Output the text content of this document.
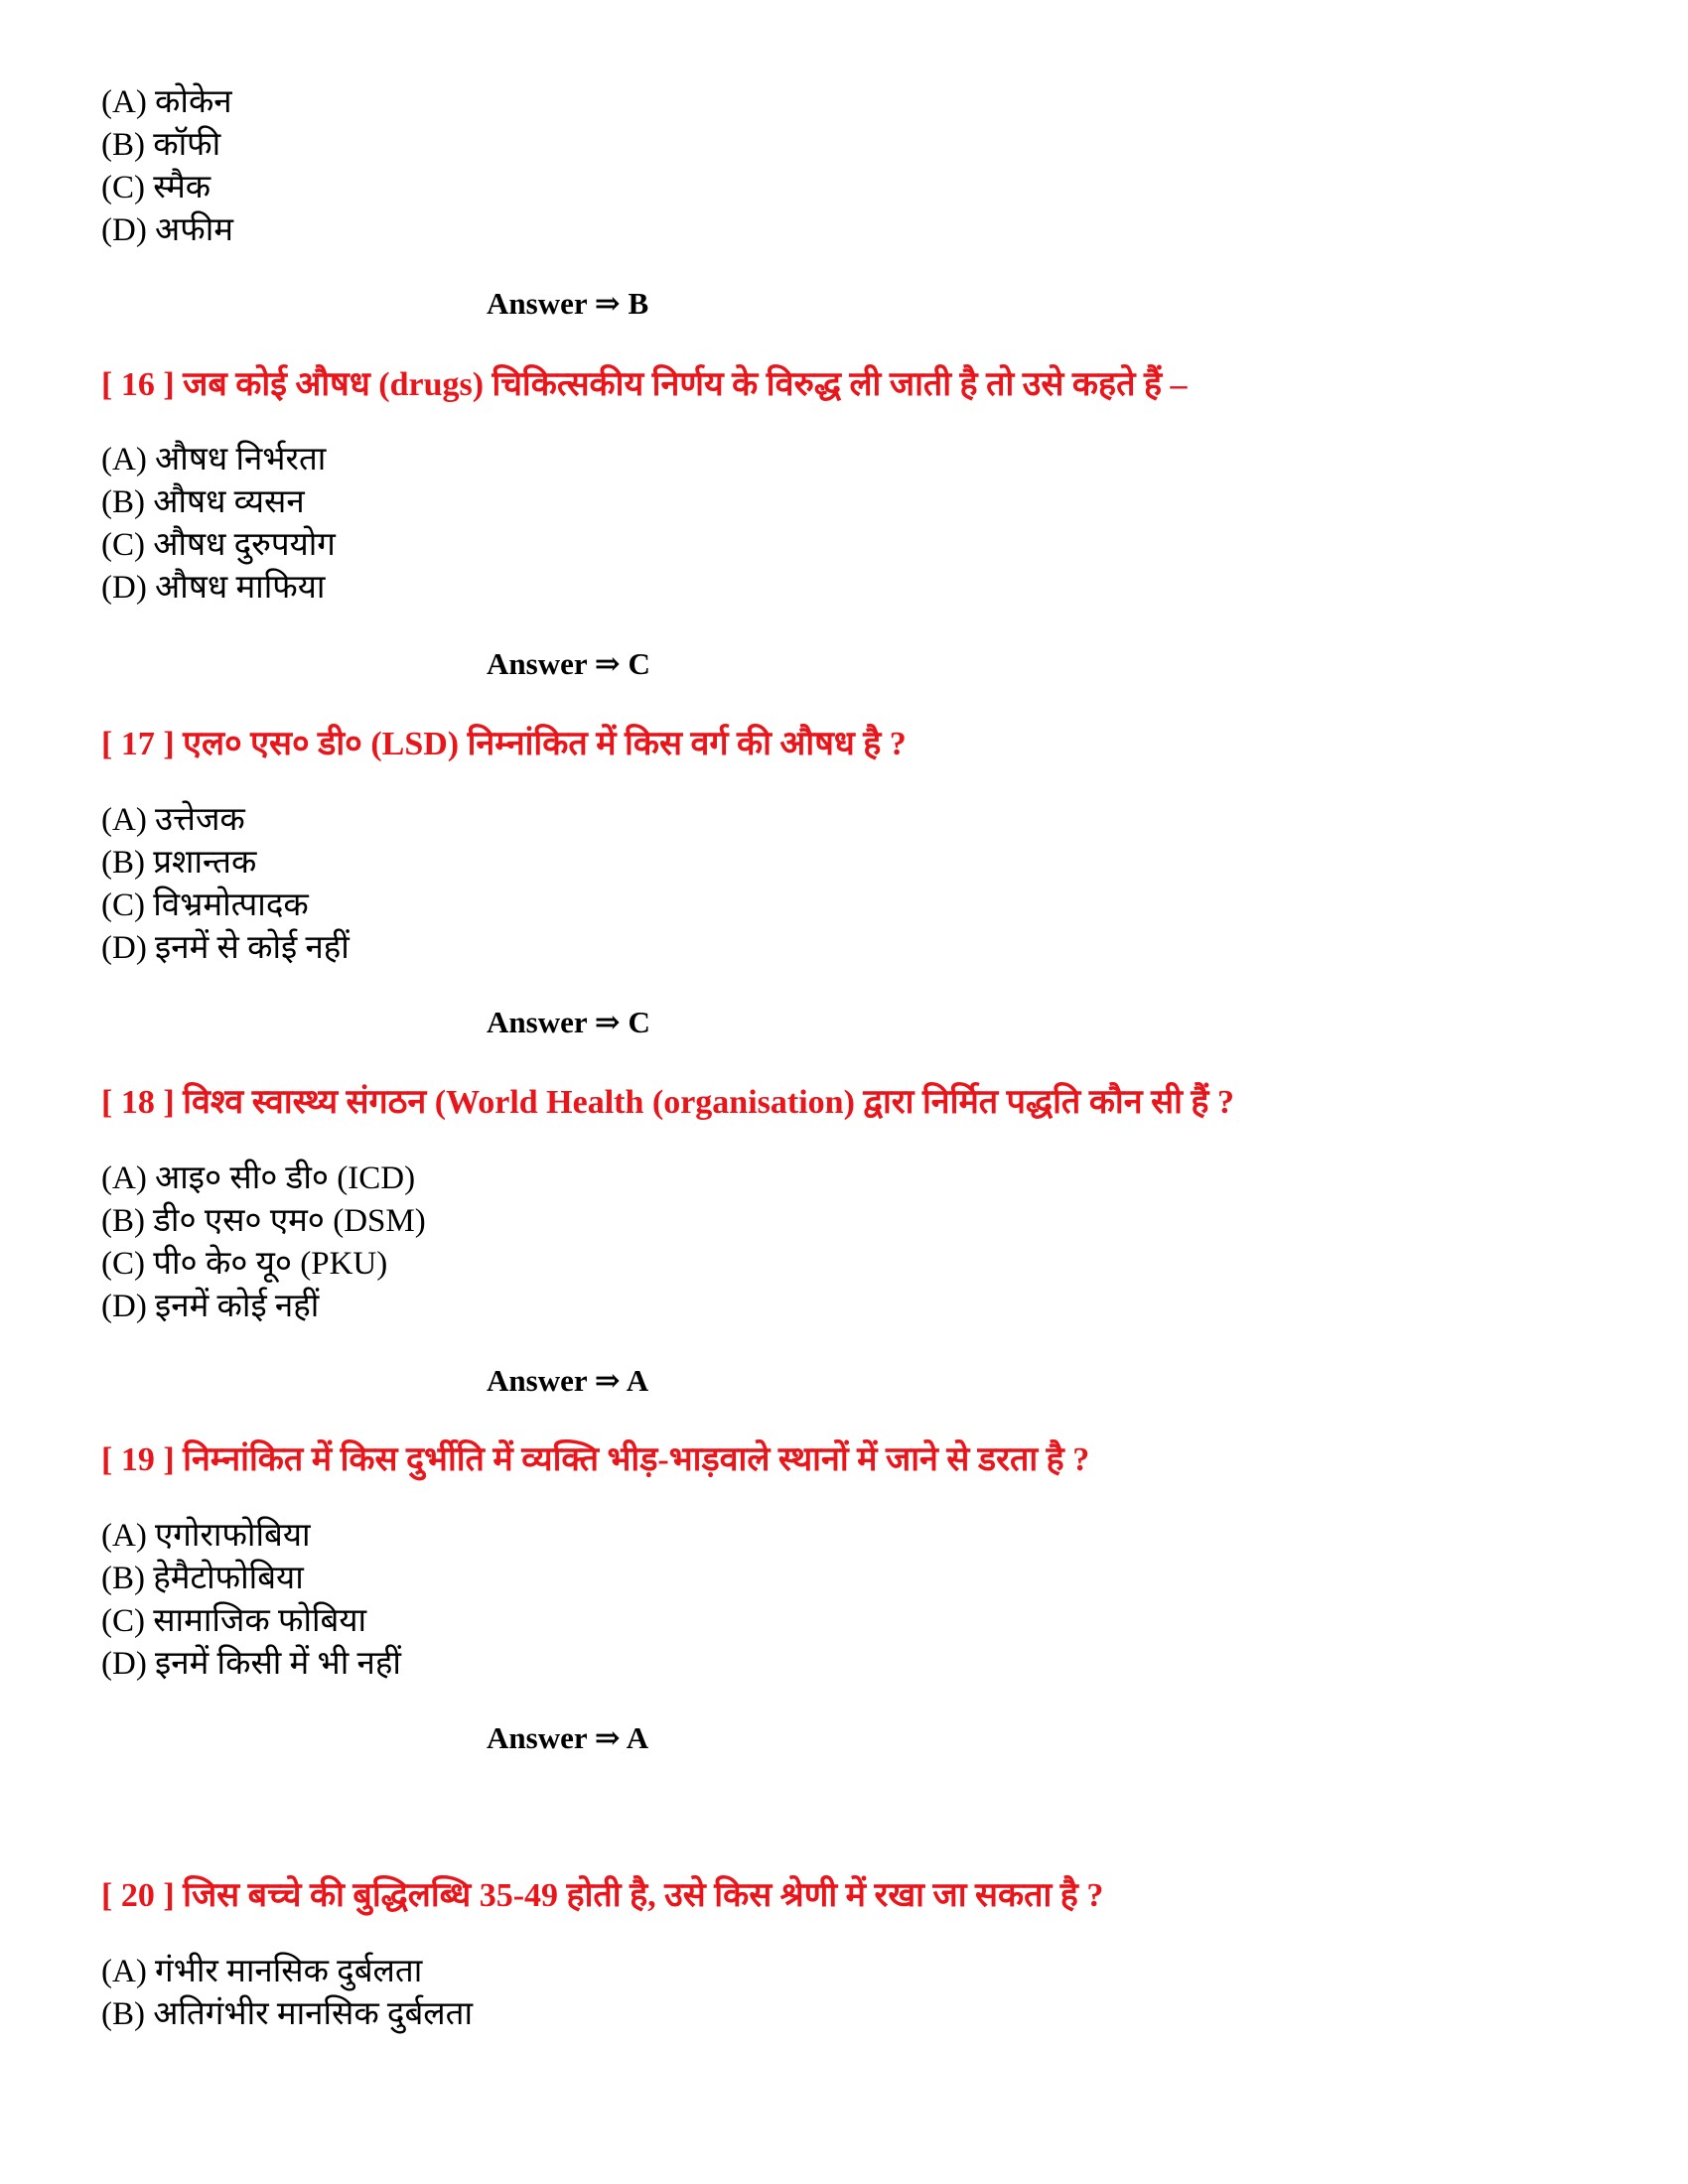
(A) कोकेन
(B) कॉफी
(C) स्मैक
(D) अफीम
Answer ⇒ B
[ 16 ] जब कोई औषध (drugs) चिकित्सकीय निर्णय के विरुद्ध ली जाती है तो उसे कहते हैं –
(A) औषध निर्भरता
(B) औषध व्यसन
(C) औषध दुरुपयोग
(D) औषध माफिया
Answer ⇒ C
[ 17 ] एल० एस० डी० (LSD) निम्नांकित में किस वर्ग की औषध है ?
(A) उत्तेजक
(B) प्रशान्तक
(C) विभ्रमोत्पादक
(D) इनमें से कोई नहीं
Answer ⇒ C
[ 18 ] विश्व स्वास्थ्य संगठन (World Health (organisation) द्वारा निर्मित पद्धति कौन सी हैं ?
(A) आइ० सी० डी० (ICD)
(B) डी० एस० एम० (DSM)
(C) पी० के० यू० (PKU)
(D) इनमें कोई नहीं
Answer ⇒ A
[ 19 ] निम्नांकित में किस दुर्भीति में व्यक्ति भीड़-भाड़वाले स्थानों में जाने से डरता है ?
(A) एगोराफोबिया
(B) हेमैटोफोबिया
(C) सामाजिक फोबिया
(D) इनमें किसी में भी नहीं
Answer ⇒ A
[ 20 ] जिस बच्चे की बुद्धिलब्धि 35-49 होती है, उसे किस श्रेणी में रखा जा सकता है ?
(A) गंभीर मानसिक दुर्बलता
(B) अतिगंभीर मानसिक दुर्बलता
